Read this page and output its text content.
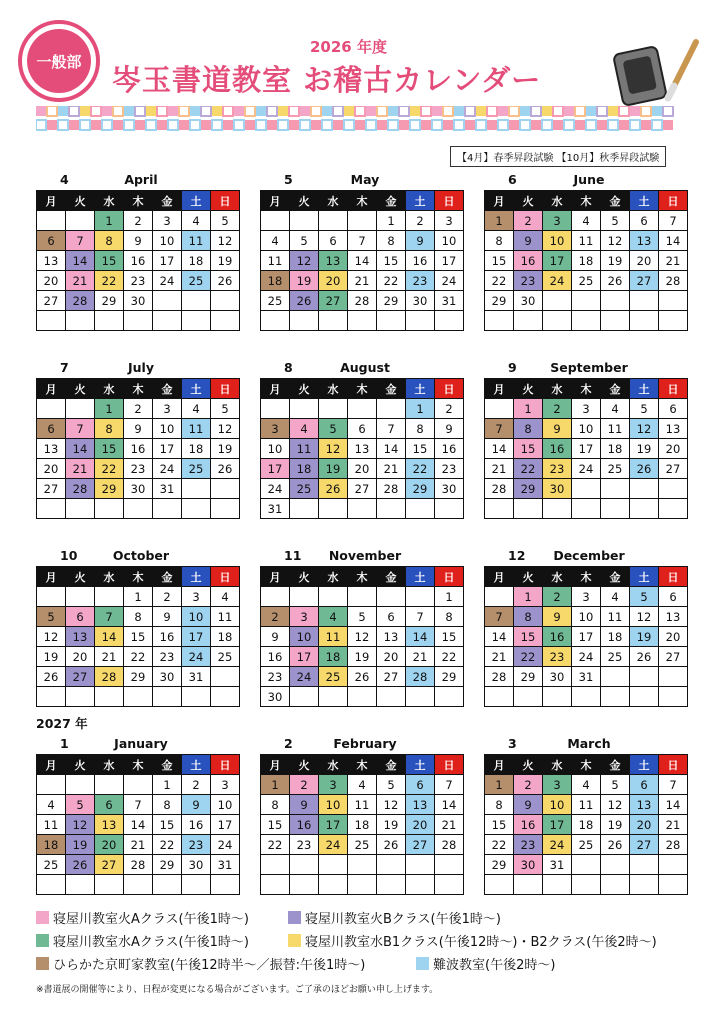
一般部
2026 年度
岑玉書道教室 お稽古カレンダー
【4月】春季昇段試験 【10月】秋季昇段試験
April
4
月	火	水	木	金	土	日
		1	2	3	4	5
6	7	8	9	10	11	12
13	14	15	16	17	18	19
20	21	22	23	24	25	26
27	28	29	30			

May
5
月	火	水	木	金	土	日
				1	2	3
4	5	6	7	8	9	10
11	12	13	14	15	16	17
18	19	20	21	22	23	24
25	26	27	28	29	30	31

June
6
月	火	水	木	金	土	日
1	2	3	4	5	6	7
8	9	10	11	12	13	14
15	16	17	18	19	20	21
22	23	24	25	26	27	28
29	30					

July
7
月	火	水	木	金	土	日
		1	2	3	4	5
6	7	8	9	10	11	12
13	14	15	16	17	18	19
20	21	22	23	24	25	26
27	28	29	30	31		

August
8
月	火	水	木	金	土	日
					1	2
3	4	5	6	7	8	9
10	11	12	13	14	15	16
17	18	19	20	21	22	23
24	25	26	27	28	29	30
31						
September
9
月	火	水	木	金	土	日
	1	2	3	4	5	6
7	8	9	10	11	12	13
14	15	16	17	18	19	20
21	22	23	24	25	26	27
28	29	30				

October
10
月	火	水	木	金	土	日
			1	2	3	4
5	6	7	8	9	10	11
12	13	14	15	16	17	18
19	20	21	22	23	24	25
26	27	28	29	30	31	

November
11
月	火	水	木	金	土	日
						1
2	3	4	5	6	7	8
9	10	11	12	13	14	15
16	17	18	19	20	21	22
23	24	25	26	27	28	29
30						
December
12
月	火	水	木	金	土	日
	1	2	3	4	5	6
7	8	9	10	11	12	13
14	15	16	17	18	19	20
21	22	23	24	25	26	27
28	29	30	31			

January
1
月	火	水	木	金	土	日
				1	2	3
4	5	6	7	8	9	10
11	12	13	14	15	16	17
18	19	20	21	22	23	24
25	26	27	28	29	30	31

February
2
月	火	水	木	金	土	日
1	2	3	4	5	6	7
8	9	10	11	12	13	14
15	16	17	18	19	20	21
22	23	24	25	26	27	28

March
3
月	火	水	木	金	土	日
1	2	3	4	5	6	7
8	9	10	11	12	13	14
15	16	17	18	19	20	21
22	23	24	25	26	27	28
29	30	31				

2027 年
寝屋川教室火Aクラス(午後1時～)	寝屋川教室火Bクラス(午後1時～)
寝屋川教室水Aクラス(午後1時～)	寝屋川教室水B1クラス(午後12時～)・B2クラス(午後2時～)
ひらかた京町家教室(午後12時半～／振替:午後1時～)	難波教室(午後2時～)
※書道展の開催等により、日程が変更になる場合がございます。ご了承のほどお願い申し上げます。
